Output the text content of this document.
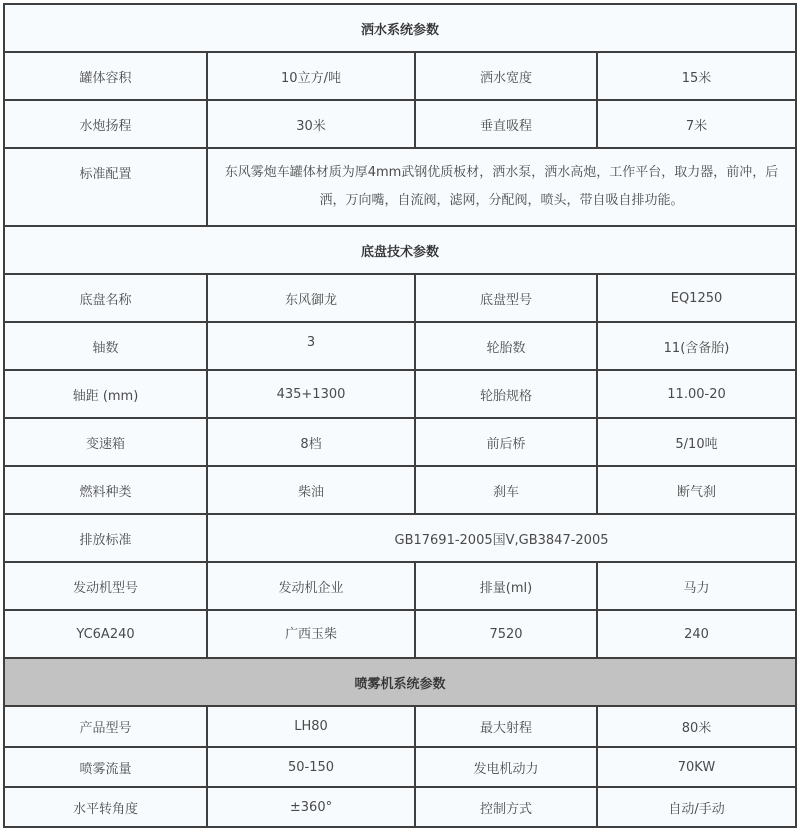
洒水系统参数			
罐体容积	10立方/吨	洒水宽度	15米
水炮扬程	30米	垂直吸程	7米
标准配置	东风雾炮车罐体材质为厚4mm武钢优质板材，洒水泵，洒水高炮，工作平台，取力器，前冲，后洒，万向嘴，自流阀，滤网，分配阀，喷头，带自吸自排功能。		
底盘技术参数			
底盘名称	东风御龙	底盘型号	EQ1250
轴数	3	轮胎数	11(含备胎)
轴距 (mm)	435+1300	轮胎规格	11.00-20
变速箱	8档	前后桥	5/10吨
燃料种类	柴油	刹车	断气刹
排放标准	GB17691-2005国Ⅴ,GB3847-2005		
发动机型号	发动机企业	排量(ml)	马力
YC6A240	广西玉柴	7520	240
喷雾机系统参数			
产品型号	LH80	最大射程	80米
喷雾流量	50-150	发电机动力	70KW
水平转角度	±360°	控制方式	自动/手动
